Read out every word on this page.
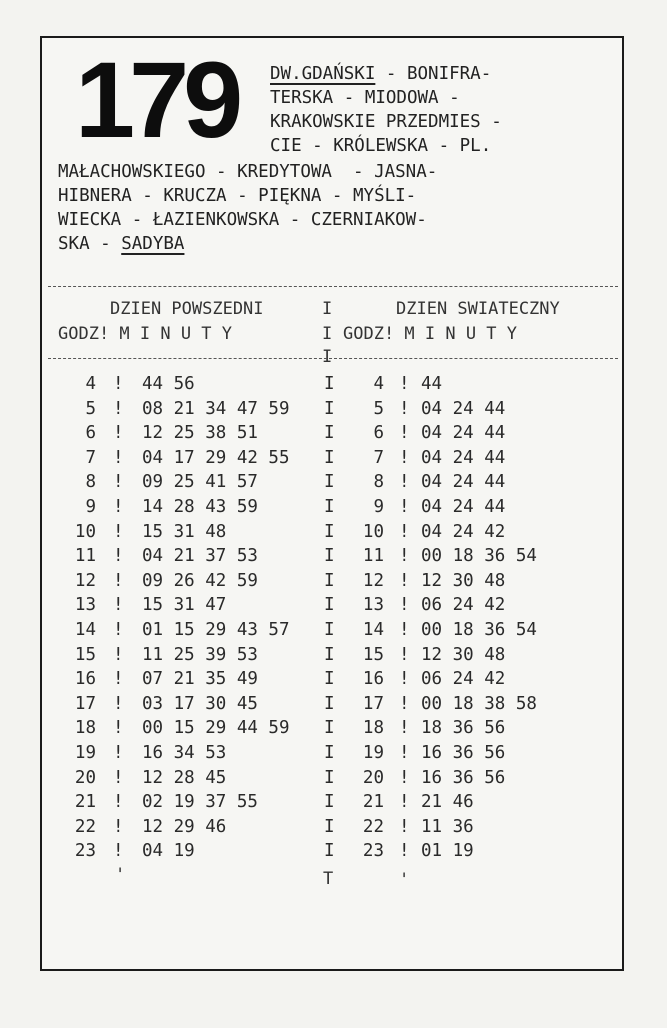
179 DW.GDAŃSKI - BONIFRA-
TERSKA - MIODOWA -
KRAKOWSKIE PRZEDMIES -
CIE - KRÓLEWSKA - PL.
MAŁACHOWSKIEGO - KREDYTOWA  - JASNA-
HIBNERA - KRUCZA - PIĘKNA - MYŚLI-
WIECKA - ŁAZIENKOWSKA - CZERNIAKOW-
SKA - SADYBA
DZIEN POWSZEDNI	DZIEN SWIATECZNY
I
GODZ! M I N U T Y	I GODZ! M I N U T Y
I
4 ! 44 56	I	4 ! 44
5 ! 08 21 34 47 59 I	5 ! 04 24 44
6 ! 12 25 38 51	I	6 ! 04 24 44
7 ! 04 17 29 42 55 I	7 ! 04 24 44
8 ! 09 25 41 57	I	8 ! 04 24 44
9 ! 14 28 43 59	I	9 ! 04 24 44
10 ! 15 31 48	I	10 ! 04 24 42
11 ! 04 21 37 53	I	11 ! 00 18 36 54
12 ! 09 26 42 59	I	12 ! 12 30 48
13 ! 15 31 47	I	13 ! 06 24 42
14 ! 01 15 29 43 57 I	14 ! 00 18 36 54
15 ! 11 25 39 53	I	15 ! 12 30 48
16 ! 07 21 35 49	I	16 ! 06 24 42
17 ! 03 17 30 45	I	17 ! 00 18 38 58
18 ! 00 15 29 44 59 I	18 ! 18 36 56
19 ! 16 34 53	I	19 ! 16 36 56
20 ! 12 28 45	I	20 ! 16 36 56
21 ! 02 19 37 55	I	21 ! 21 46
22 ! 12 29 46	I	22 ! 11 36
23 ! 04 19	I	23 ! 01 19
'	T	'
